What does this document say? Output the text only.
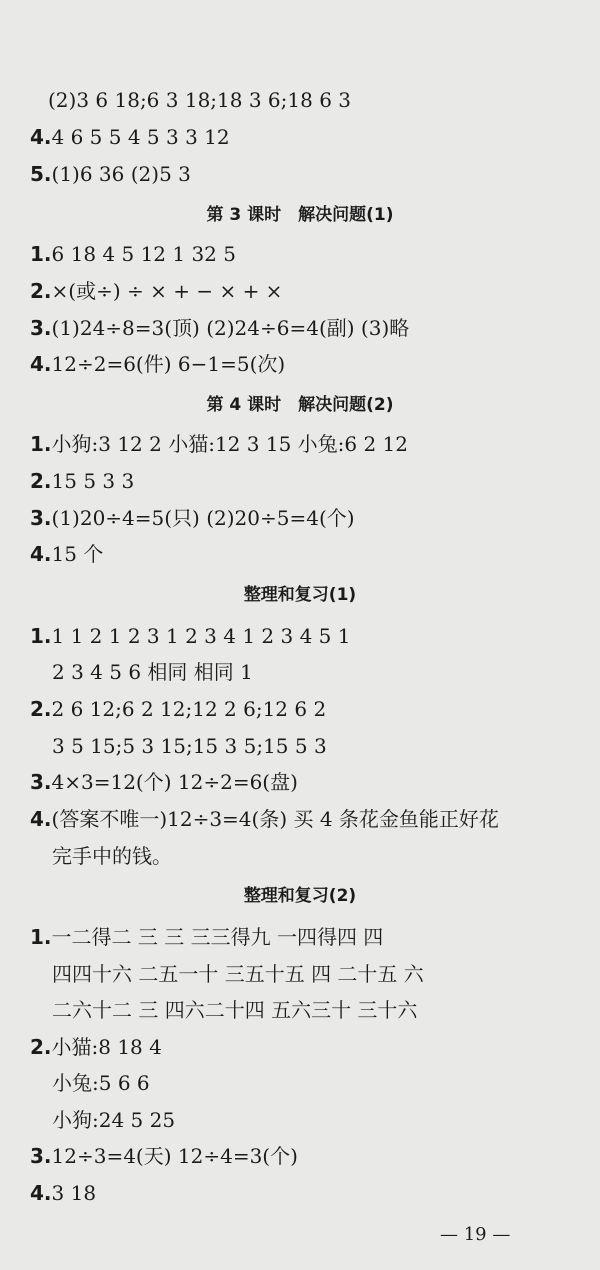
(2)3 6 18;6 3 18;18 3 6;18 6 3
4.4 6 5 5 4 5 3 3 12
5.(1)6 36 (2)5 3
第 3 课时　解决问题(1)
1.6 18 4 5 12 1 32 5
2.×(或÷) ÷ × + − × + ×
3.(1)24÷8=3(顶) (2)24÷6=4(副) (3)略
4.12÷2=6(件) 6−1=5(次)
第 4 课时　解决问题(2)
1.小狗:3 12 2 小猫:12 3 15 小兔:6 2 12
2.15 5 3 3
3.(1)20÷4=5(只) (2)20÷5=4(个)
4.15 个
整理和复习(1)
1.1 1 2 1 2 3 1 2 3 4 1 2 3 4 5 1
2 3 4 5 6 相同 相同 1
2.2 6 12;6 2 12;12 2 6;12 6 2
3 5 15;5 3 15;15 3 5;15 5 3
3.4×3=12(个) 12÷2=6(盘)
4.(答案不唯一)12÷3=4(条) 买 4 条花金鱼能正好花
完手中的钱。
整理和复习(2)
1.一二得二 三 三 三三得九 一四得四 四
四四十六 二五一十 三五十五 四 二十五 六
二六十二 三 四六二十四 五六三十 三十六
2.小猫:8 18 4
小兔:5 6 6
小狗:24 5 25
3.12÷3=4(天) 12÷4=3(个)
4.3 18
— 19 —
